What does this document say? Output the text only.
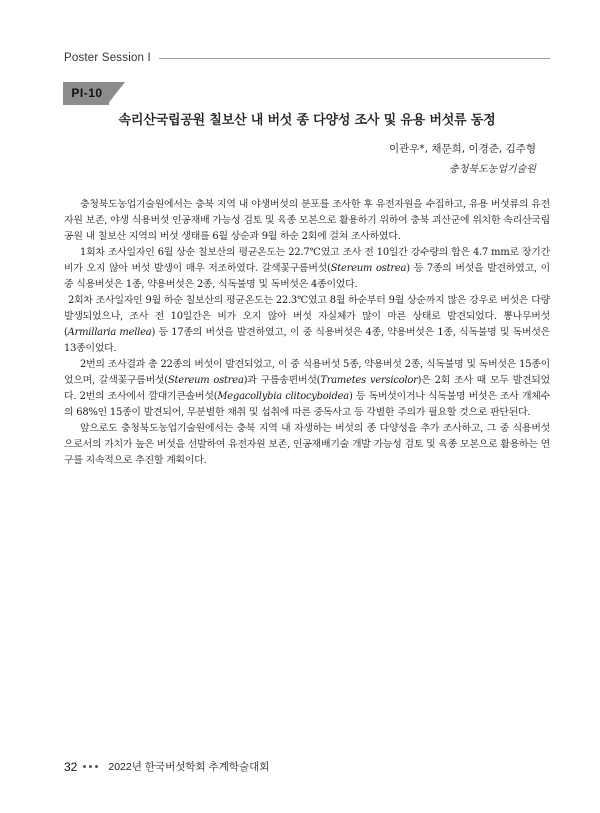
Poster Session I
PI-10
속리산국립공원 칠보산 내 버섯 종 다양성 조사 및 유용 버섯류 동정
이관우*, 채문희, 이경준, 김주형
충청북도농업기술원

충청북도농업기술원에서는 충북 지역 내 야생버섯의 분포를 조사한 후 유전자원을 수집하고, 유용 버섯류의 유전자원 보존, 야생 식용버섯 인공재배 가능성 검토 및 육종 모본으로 활용하기 위하여 충북 괴산군에 위치한 속리산국립공원 내 칠보산 지역의 버섯 생태를 6월 상순과 9월 하순 2회에 걸쳐 조사하였다.

1회차 조사일자인 6월 상순 칠보산의 평균온도는 22.7℃였고 조사 전 10일간 강수량의 합은 4.7 mm로 장기간 비가 오지 않아 버섯 발생이 매우 저조하였다. 갈색꽃구름버섯(Stereum ostrea) 등 7종의 버섯을 발견하였고, 이 중 식용버섯은 1종, 약용버섯은 2종, 식독불명 및 독버섯은 4종이었다.

2회차 조사일자인 9월 하순 칠보산의 평균온도는 22.3℃였고 8월 하순부터 9월 상순까지 많은 강우로 버섯은 다량 발생되었으나, 조사 전 10일간은 비가 오지 않아 버섯 자실체가 많이 마른 상태로 발견되었다. 뽕나무버섯(Armillaria mellea) 등 17종의 버섯을 발견하였고, 이 중 식용버섯은 4종, 약용버섯은 1종, 식독불명 및 독버섯은 13종이었다.

2번의 조사결과 총 22종의 버섯이 발견되었고, 이 중 식용버섯 5종, 약용버섯 2종, 식독불명 및 독버섯은 15종이었으며, 갈색꽃구름버섯(Stereum ostrea)과 구름송편버섯(Trametes versicolor)은 2회 조사 때 모두 발견되었다. 2번의 조사에서 깔대기큰솔버섯(Megacollybia clitocyboidea) 등 독버섯이거나 식독불명 버섯은 조사 개체수의 68%인 15종이 발견되어, 무분별한 채취 및 섭취에 따른 중독사고 등 각별한 주의가 필요할 것으로 판단된다.

앞으로도 충청북도농업기술원에서는 충북 지역 내 자생하는 버섯의 종 다양성을 추가 조사하고, 그 중 식용버섯으로서의 가치가 높은 버섯을 선발하여 유전자원 보존, 인공재배기술 개발 가능성 검토 및 육종 모본으로 활용하는 연구를 지속적으로 추진할 계획이다.

32	2022년 한국버섯학회 추계학술대회
